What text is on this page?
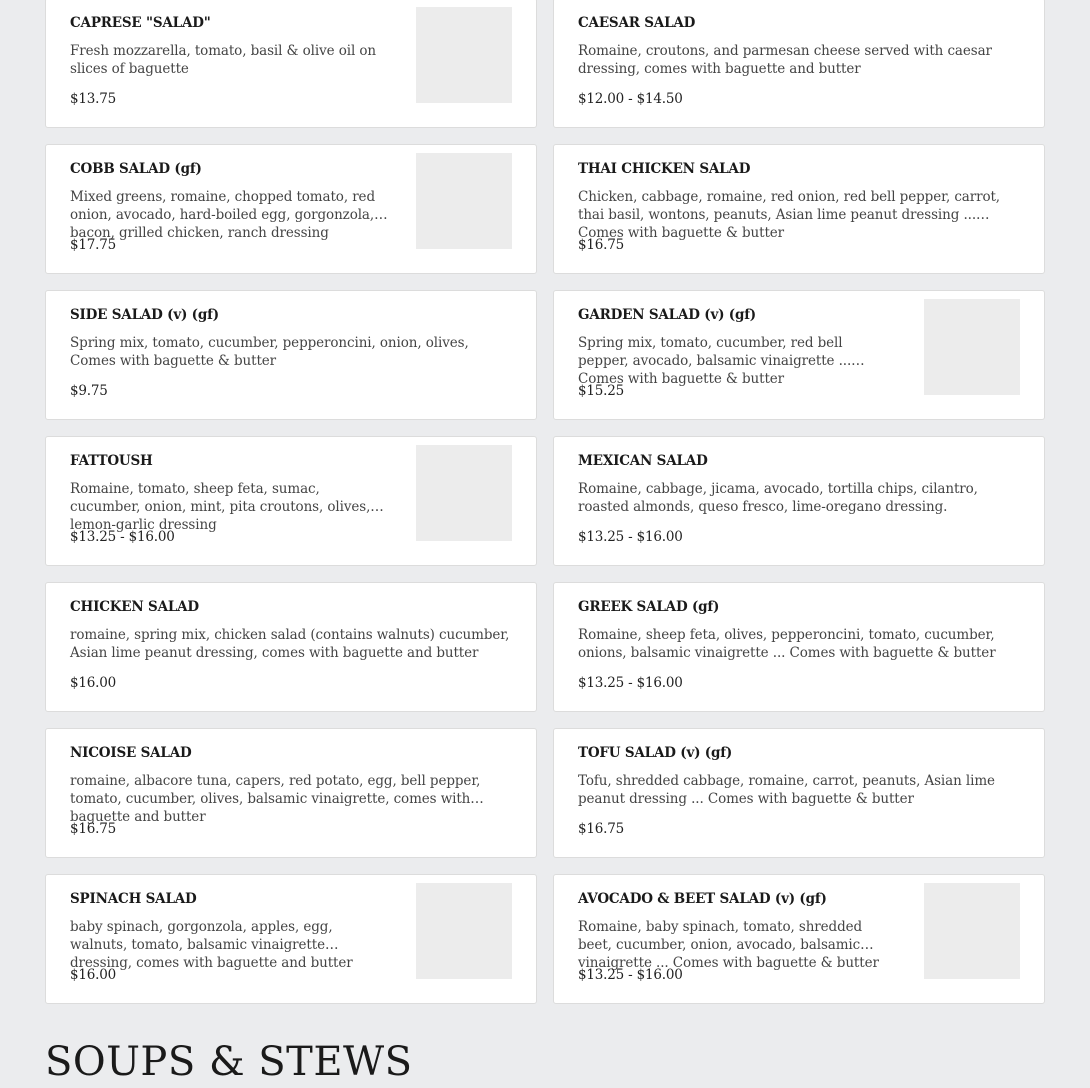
CAPRESE "SALAD"
Fresh mozzarella, tomato, basil & olive oil on slices of baguette
$13.75
CAESAR SALAD
Romaine, croutons, and parmesan cheese served with caesar dressing, comes with baguette and butter
$12.00 - $14.50
COBB SALAD (gf)
Mixed greens, romaine, chopped tomato, red onion, avocado, hard-boiled egg, gorgonzola, bacon, grilled chicken, ranch dressing
$17.75
THAI CHICKEN SALAD
Chicken, cabbage, romaine, red onion, red bell pepper, carrot, thai basil, wontons, peanuts, Asian lime peanut dressing ... Comes with baguette & butter
$16.75
SIDE SALAD (v) (gf)
Spring mix, tomato, cucumber, pepperoncini, onion, olives, Comes with baguette & butter
$9.75
GARDEN SALAD (v) (gf)
Spring mix, tomato, cucumber, red bell pepper, avocado, balsamic vinaigrette ... Comes with baguette & butter
$15.25
FATTOUSH
Romaine, tomato, sheep feta, sumac, cucumber, onion, mint, pita croutons, olives, lemon-garlic dressing
$13.25 - $16.00
MEXICAN SALAD
Romaine, cabbage, jicama, avocado, tortilla chips, cilantro, roasted almonds, queso fresco, lime-oregano dressing.
$13.25 - $16.00
CHICKEN SALAD
romaine, spring mix, chicken salad (contains walnuts) cucumber, Asian lime peanut dressing, comes with baguette and butter
$16.00
GREEK SALAD (gf)
Romaine, sheep feta, olives, pepperoncini, tomato, cucumber, onions, balsamic vinaigrette ... Comes with baguette & butter
$13.25 - $16.00
NICOISE SALAD
romaine, albacore tuna, capers, red potato, egg, bell pepper, tomato, cucumber, olives, balsamic vinaigrette, comes with baguette and butter
$16.75
TOFU SALAD (v) (gf)
Tofu, shredded cabbage, romaine, carrot, peanuts, Asian lime peanut dressing ... Comes with baguette & butter
$16.75
SPINACH SALAD
baby spinach, gorgonzola, apples, egg, walnuts, tomato, balsamic vinaigrette dressing, comes with baguette and butter
$16.00
AVOCADO & BEET SALAD (v) (gf)
Romaine, baby spinach, tomato, shredded beet, cucumber, onion, avocado, balsamic vinaigrette ... Comes with baguette & butter
$13.25 - $16.00
SOUPS & STEWS
